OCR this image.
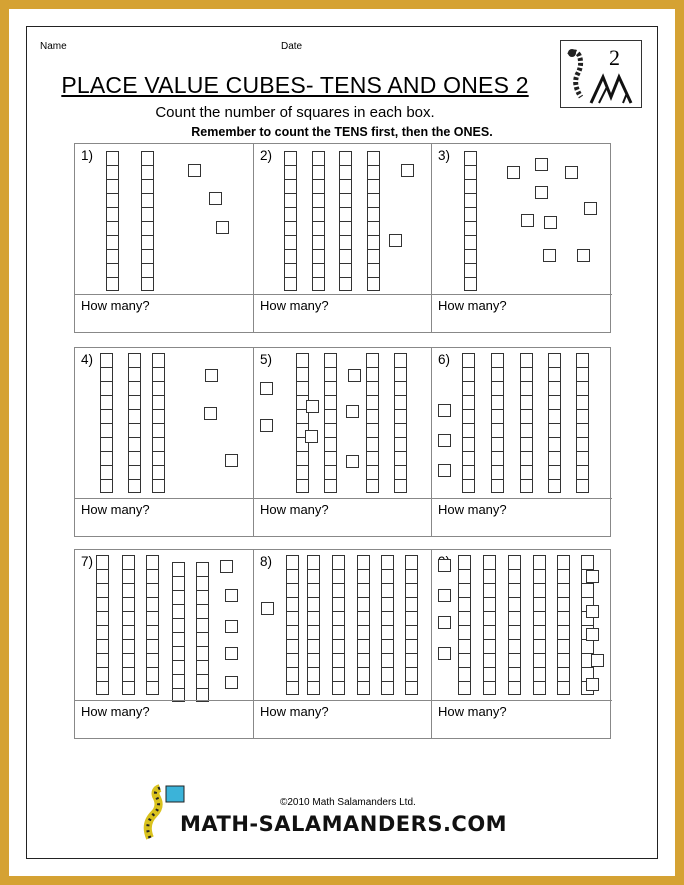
Name	Date	2
PLACE VALUE CUBES- TENS AND ONES 2
Count the number of squares in each box.
Remember to count the TENS first, then the ONES.
1)
How many?
2)
How many?
3)
How many?
4)
How many?
5)
How many?
6)
How many?
7)
How many?
8)
How many?	How many?
©2010 Math Salamanders Ltd.
MATH-SALAMANDERS.COM
